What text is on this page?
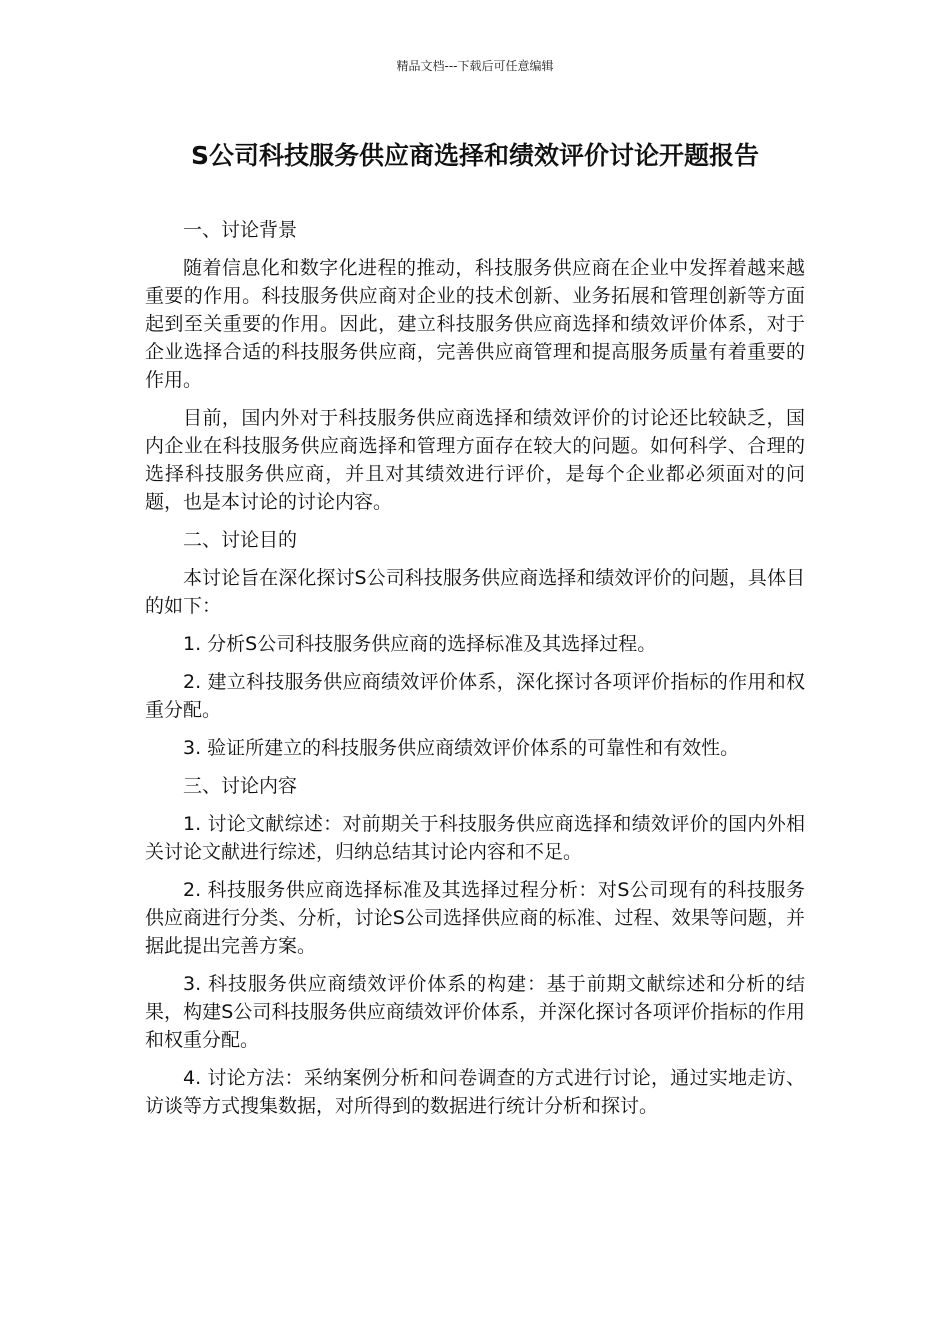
精品文档---下载后可任意编辑
S公司科技服务供应商选择和绩效评价讨论开题报告

一、讨论背景

随着信息化和数字化进程的推动，科技服务供应商在企业中发挥着越来越重要的作用。科技服务供应商对企业的技术创新、业务拓展和管理创新等方面起到至关重要的作用。因此，建立科技服务供应商选择和绩效评价体系，对于企业选择合适的科技服务供应商，完善供应商管理和提高服务质量有着重要的作用。

目前，国内外对于科技服务供应商选择和绩效评价的讨论还比较缺乏，国内企业在科技服务供应商选择和管理方面存在较大的问题。如何科学、合理的选择科技服务供应商，并且对其绩效进行评价，是每个企业都必须面对的问题，也是本讨论的讨论内容。

二、讨论目的

本讨论旨在深化探讨S公司科技服务供应商选择和绩效评价的问题，具体目的如下：

1. 分析S公司科技服务供应商的选择标准及其选择过程。

2. 建立科技服务供应商绩效评价体系，深化探讨各项评价指标的作用和权重分配。

3. 验证所建立的科技服务供应商绩效评价体系的可靠性和有效性。

三、讨论内容

1. 讨论文献综述：对前期关于科技服务供应商选择和绩效评价的国内外相关讨论文献进行综述，归纳总结其讨论内容和不足。

2. 科技服务供应商选择标准及其选择过程分析：对S公司现有的科技服务供应商进行分类、分析，讨论S公司选择供应商的标准、过程、效果等问题，并据此提出完善方案。

3. 科技服务供应商绩效评价体系的构建：基于前期文献综述和分析的结果，构建S公司科技服务供应商绩效评价体系，并深化探讨各项评价指标的作用和权重分配。

4. 讨论方法：采纳案例分析和问卷调查的方式进行讨论，通过实地走访、访谈等方式搜集数据，对所得到的数据进行统计分析和探讨。
